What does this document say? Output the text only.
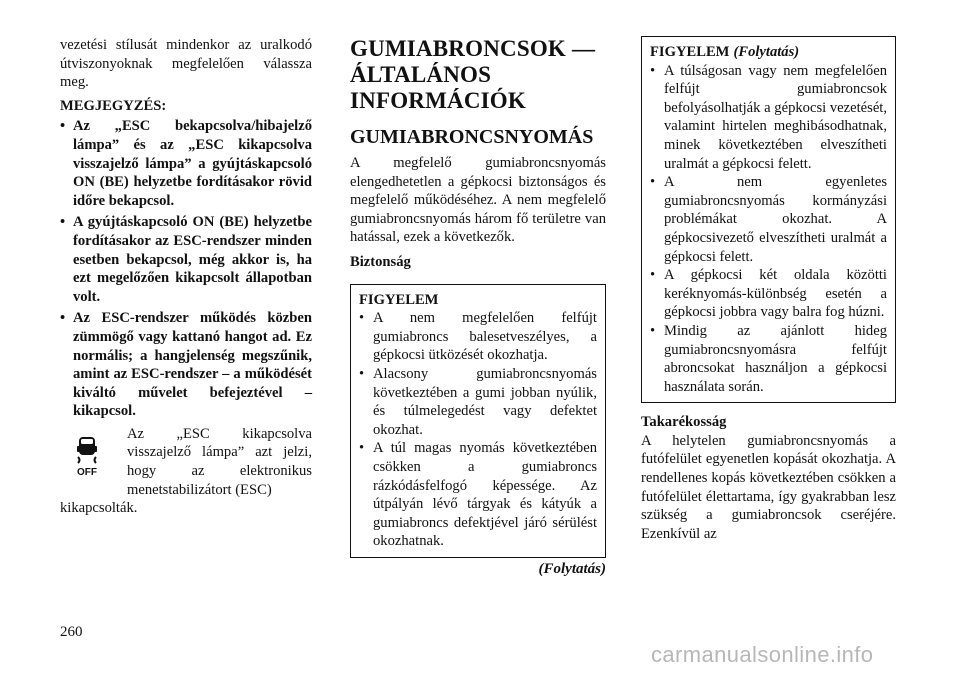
vezetési stílusát mindenkor az uralkodó útviszonyoknak megfelelően válassza meg.

MEGJEGYZÉS:

• Az „ESC bekapcsolva/hibajelző lámpa” és az „ESC kikapcsolva visszajelző lámpa” a gyújtáskapcsoló ON (BE) helyzetbe fordításakor rövid időre bekapcsol.
• A gyújtáskapcsoló ON (BE) helyzetbe fordításakor az ESC-rendszer minden esetben bekapcsol, még akkor is, ha ezt megelőzően kikapcsolt állapotban volt.
• Az ESC-rendszer működés közben zümmögő vagy kattanó hangot ad. Ez normális; a hangjelenség megszűnik, amint az ESC-rendszer – a működését kiváltó művelet befejeztével – kikapcsol.
OFF

Az „ESC kikapcsolva visszajelző lámpa” azt jelzi, hogy az elektronikus menetstabilizátort (ESC)

kikapcsolták.

GUMIABRONCSOK — ÁLTALÁNOS INFORMÁCIÓK
GUMIABRONCSNYOMÁS

A megfelelő gumiabroncsnyomás elengedhetetlen a gépkocsi biztonságos és megfelelő működéséhez. A nem megfelelő gumiabroncsnyomás három fő területre van hatással, ezek a következők.

Biztonság

FIGYELEM
• A nem megfelelően felfújt gumiabroncs balesetveszélyes, a gépkocsi ütközését okozhatja.
• Alacsony gumiabroncsnyomás következtében a gumi jobban nyúlik, és túlmelegedést vagy defektet okozhat.
• A túl magas nyomás következtében csökken a gumiabroncs rázkódásfelfogó képessége. Az útpályán lévő tárgyak és kátyúk a gumiabroncs defektjével járó sérülést okozhatnak.
(Folytatás)
FIGYELEM (Folytatás)
• A túlságosan vagy nem megfelelően felfújt gumiabroncsok befolyásolhatják a gépkocsi vezetését, valamint hirtelen meghibásodhatnak, minek következtében elveszítheti uralmát a gépkocsi felett.
• A nem egyenletes gumiabroncsnyomás kormányzási problémákat okozhat. A gépkocsivezető elveszítheti uralmát a gépkocsi felett.
• A gépkocsi két oldala közötti keréknyomás-különbség esetén a gépkocsi jobbra vagy balra fog húzni.
• Mindig az ajánlott hideg gumiabroncsnyomásra felfújt abroncsokat használjon a gépkocsi használata során.

Takarékosság

A helytelen gumiabroncsnyomás a futófelület egyenetlen kopását okozhatja. A rendellenes kopás következtében csökken a futófelület élettartama, így gyakrabban lesz szükség a gumiabroncsok cseréjére. Ezenkívül az

260
carmanualsonline.info
